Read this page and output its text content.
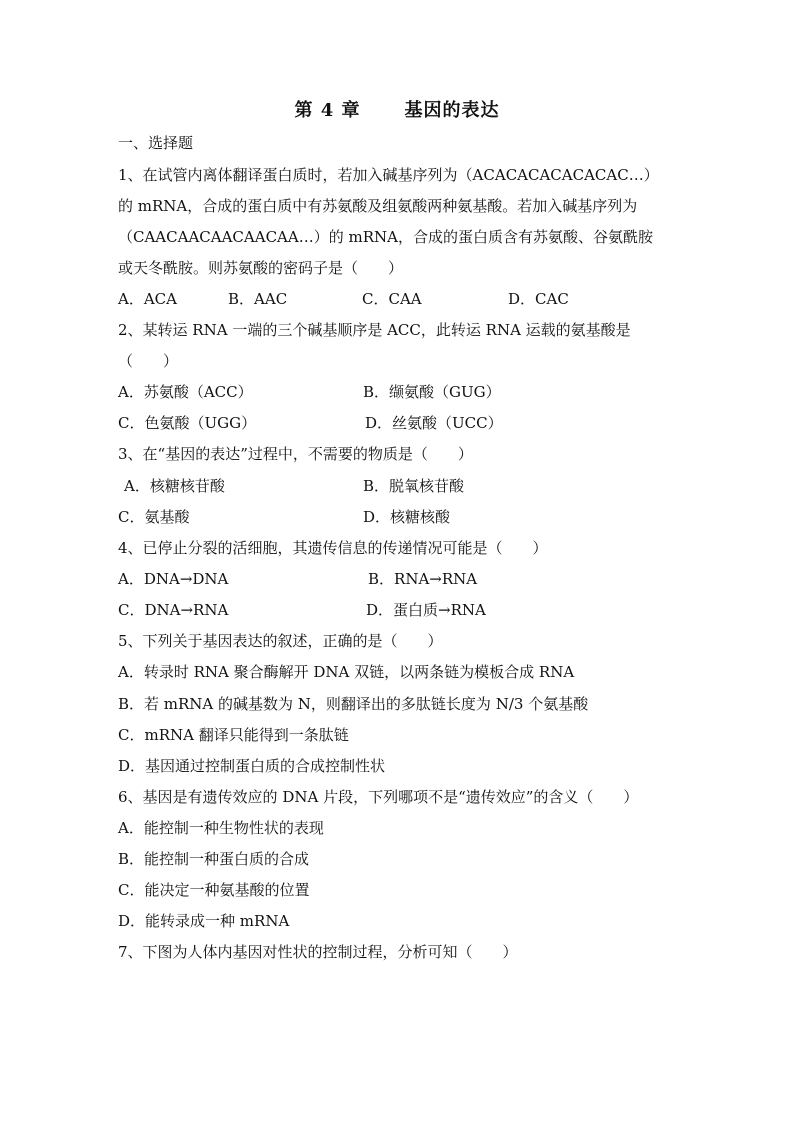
第 4 章 基因的表达
一、选择题
1、在试管内离体翻译蛋白质时，若加入碱基序列为（ACACACACACACAC…）
的 mRNA，合成的蛋白质中有苏氨酸及组氨酸两种氨基酸。若加入碱基序列为
（CAACAACAACAACAA…）的 mRNA，合成的蛋白质含有苏氨酸、谷氨酰胺
或天冬酰胺。则苏氨酸的密码子是（　　）
A．ACA	B．AAC	C．CAA	D．CAC
2、某转运 RNA 一端的三个碱基顺序是 ACC，此转运 RNA 运载的氨基酸是
（　　）
A．苏氨酸（ACC）	B．缬氨酸（GUG）
C．色氨酸（UGG）	D．丝氨酸（UCC）
3、在“基因的表达”过程中，不需要的物质是（　　）
A．核糖核苷酸	B．脱氧核苷酸
C．氨基酸	D．核糖核酸
4、已停止分裂的活细胞，其遗传信息的传递情况可能是（　　）
A．DNA→DNA	B．RNA→RNA
C．DNA→RNA	D．蛋白质→RNA
5、下列关于基因表达的叙述，正确的是（　　）
A．转录时 RNA 聚合酶解开 DNA 双链，以两条链为模板合成 RNA
B．若 mRNA 的碱基数为 N，则翻译出的多肽链长度为 N/3 个氨基酸
C．mRNA 翻译只能得到一条肽链
D．基因通过控制蛋白质的合成控制性状
6、基因是有遗传效应的 DNA 片段，下列哪项不是“遗传效应”的含义（　　）
A．能控制一种生物性状的表现
B．能控制一种蛋白质的合成
C．能决定一种氨基酸的位置
D．能转录成一种 mRNA
7、下图为人体内基因对性状的控制过程，分析可知（　　）
